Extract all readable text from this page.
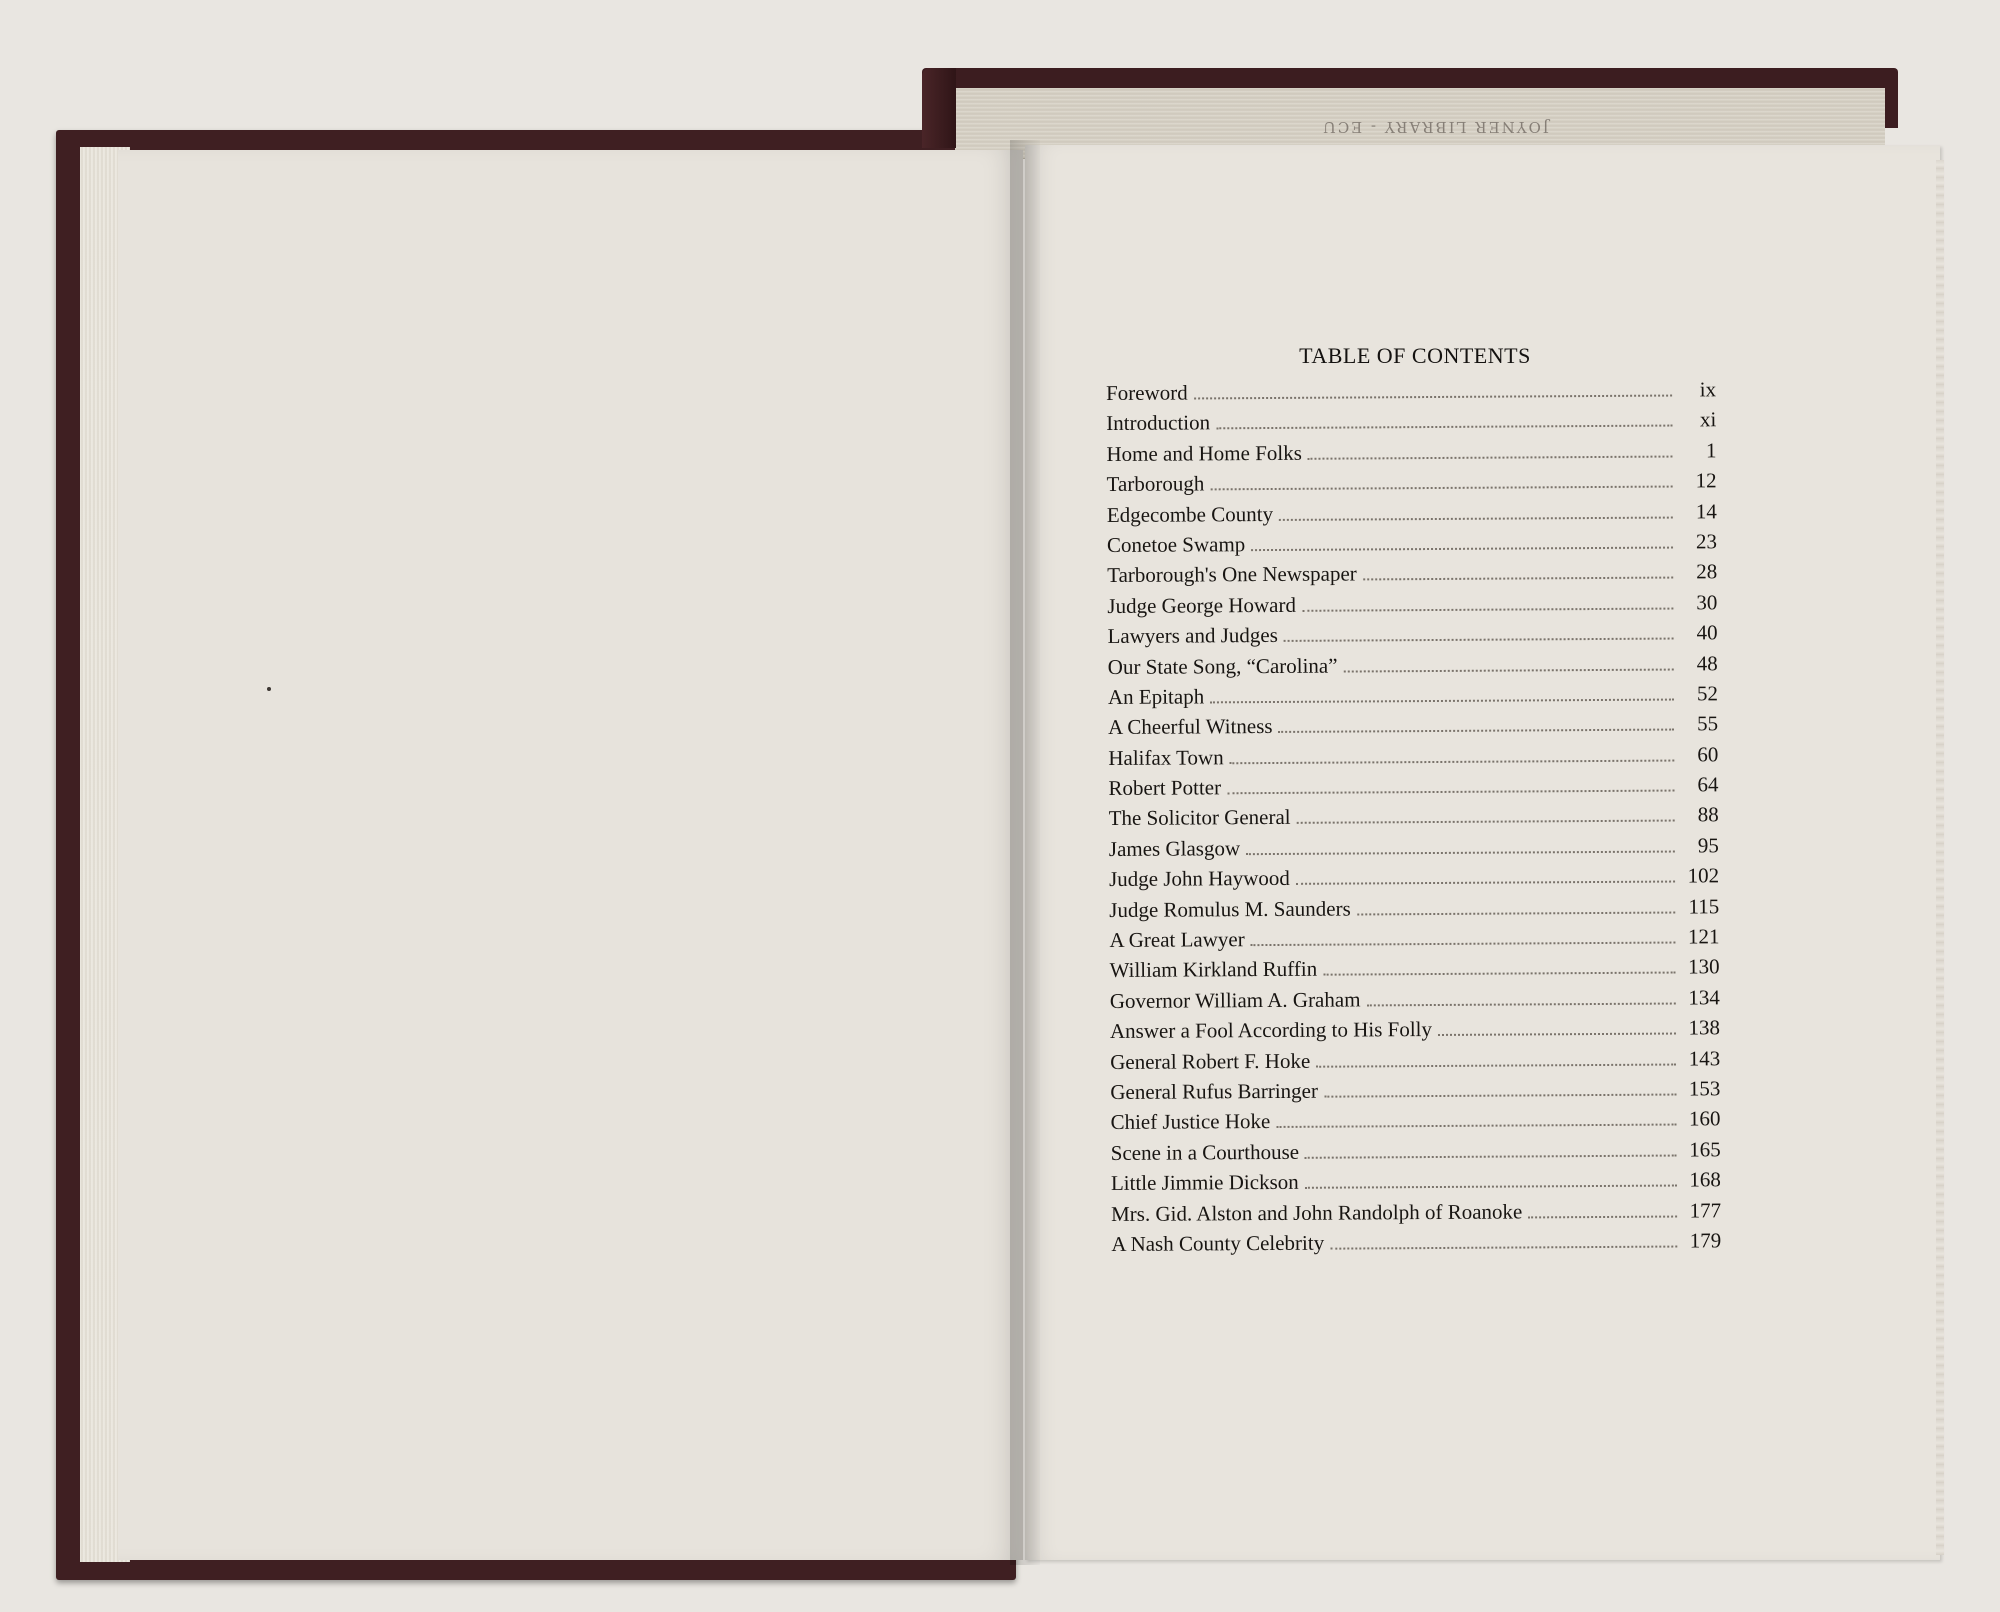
JOYNER LIBRARY - ECU
TABLE OF CONTENTS
Foreword	ix
Introduction	xi
Home and Home Folks	1
Tarborough	12
Edgecombe County	14
Conetoe Swamp	23
Tarborough's One Newspaper	28
Judge George Howard	30
Lawyers and Judges	40
Our State Song, “Carolina”	48
An Epitaph	52
A Cheerful Witness	55
Halifax Town	60
Robert Potter	64
The Solicitor General	88
James Glasgow	95
Judge John Haywood	102
Judge Romulus M. Saunders	115
A Great Lawyer	121
William Kirkland Ruffin	130
Governor William A. Graham	134
Answer a Fool According to His Folly	138
General Robert F. Hoke	143
General Rufus Barringer	153
Chief Justice Hoke	160
Scene in a Courthouse	165
Little Jimmie Dickson	168
Mrs. Gid. Alston and John Randolph of Roanoke	177
A Nash County Celebrity	179
